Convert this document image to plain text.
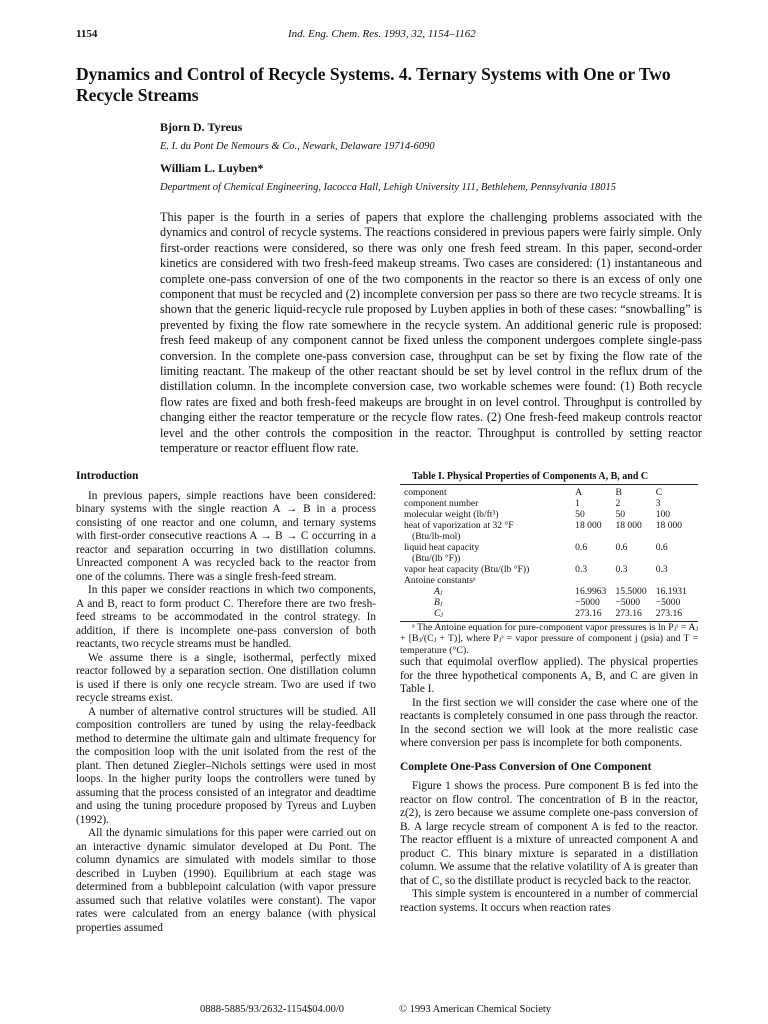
1154	Ind. Eng. Chem. Res. 1993, 32, 1154–1162
Dynamics and Control of Recycle Systems. 4. Ternary Systems with One or Two Recycle Streams

Bjorn D. Tyreus

E. I. du Pont De Nemours & Co., Newark, Delaware 19714-6090

William L. Luyben*

Department of Chemical Engineering, Iacocca Hall, Lehigh University 111, Bethlehem, Pennsylvania 18015

This paper is the fourth in a series of papers that explore the challenging problems associated with the dynamics and control of recycle systems. The reactions considered in previous papers were fairly simple. Only first-order reactions were considered, so there was only one fresh feed stream. In this paper, second-order kinetics are considered with two fresh-feed makeup streams. Two cases are considered: (1) instantaneous and complete one-pass conversion of one of the two components in the reactor so there is an excess of only one component that must be recycled and (2) incomplete conversion per pass so there are two recycle streams. It is shown that the generic liquid-recycle rule proposed by Luyben applies in both of these cases: “snowballing” is prevented by fixing the flow rate somewhere in the recycle system. An additional generic rule is proposed: fresh feed makeup of any component cannot be fixed unless the component undergoes complete single-pass conversion. In the complete one-pass conversion case, throughput can be set by fixing the flow rate of the limiting reactant. The makeup of the other reactant should be set by level control in the reflux drum of the distillation column. In the incomplete conversion case, two workable schemes were found: (1) Both recycle flow rates are fixed and both fresh-feed makeups are brought in on level control. Throughput is controlled by changing either the reactor temperature or the recycle flow rates. (2) One fresh-feed makeup controls reactor level and the other controls the composition in the reactor. Throughput is controlled by setting reactor temperature or reactor effluent flow rate.

Introduction

In previous papers, simple reactions have been considered: binary systems with the single reaction A → B in a process consisting of one reactor and one column, and ternary systems with first-order consecutive reactions A → B → C occurring in a reactor and separation occurring in two distillation columns. Unreacted component A was recycled back to the reactor from one of the columns. There was a single fresh-feed stream.

In this paper we consider reactions in which two components, A and B, react to form product C. Therefore there are two fresh-feed streams to be accommodated in the control strategy. In addition, if there is incomplete one-pass conversion of both reactants, two recycle streams must be handled.

We assume there is a single, isothermal, perfectly mixed reactor followed by a separation section. One distillation column is used if there is only one recycle stream. Two are used if two recycle streams exist.

A number of alternative control structures will be studied. All composition controllers are tuned by using the relay-feedback method to determine the ultimate gain and ultimate frequency for the composition loop with the unit isolated from the rest of the plant. Then detuned Ziegler–Nichols settings were used in most loops. In the higher purity loops the controllers were tuned by assuming that the process consisted of an integrator and deadtime and using the tuning procedure proposed by Tyreus and Luyben (1992).

All the dynamic simulations for this paper were carried out on an interactive dynamic simulator developed at Du Pont. The column dynamics are simulated with models similar to those described in Luyben (1990). Equilibrium at each stage was determined from a bubblepoint calculation (with vapor pressure assumed such that relative volatiles were constant). The vapor rates were calculated from an energy balance (with physical properties assumed

Table I. Physical Properties of Components A, B, and C

component	A	B	C
component number	1	2	3
molecular weight (lb/ft³)	50	50	100
heat of vaporization at 32 °F	18 000	18 000	18 000
(Btu/lb-mol)			
liquid heat capacity	0.6	0.6	0.6
(Btu/(lb °F))			
vapor heat capacity (Btu/(lb °F))	0.3	0.3	0.3
Antoine constantsᵃ			
Aⱼ	16.9963	15.5000	16.1931
Bⱼ	−5000	−5000	−5000
Cⱼ	273.16	273.16	273.16

ᵃ The Antoine equation for pure-component vapor pressures is ln Pⱼˢ = Aⱼ + [Bⱼ/(Cⱼ + T)], where Pⱼˢ = vapor pressure of component j (psia) and T = temperature (°C).

such that equimolal overflow applied). The physical properties for the three hypothetical components A, B, and C are given in Table I.

In the first section we will consider the case where one of the reactants is completely consumed in one pass through the reactor. In the second section we will look at the more realistic case where conversion per pass is incomplete for both components.

Complete One-Pass Conversion of One Component

Figure 1 shows the process. Pure component B is fed into the reactor on flow control. The concentration of B in the reactor, z(2), is zero because we assume complete one-pass conversion of B. A large recycle stream of component A is fed to the reactor. The reactor effluent is a mixture of unreacted component A and product C. This binary mixture is separated in a distillation column. We assume that the relative volatility of A is greater than that of C, so the distillate product is recycled back to the reactor.

This simple system is encountered in a number of commercial reaction systems. It occurs when reaction rates

0888-5885/93/2632-1154$04.00/0	© 1993 American Chemical Society
